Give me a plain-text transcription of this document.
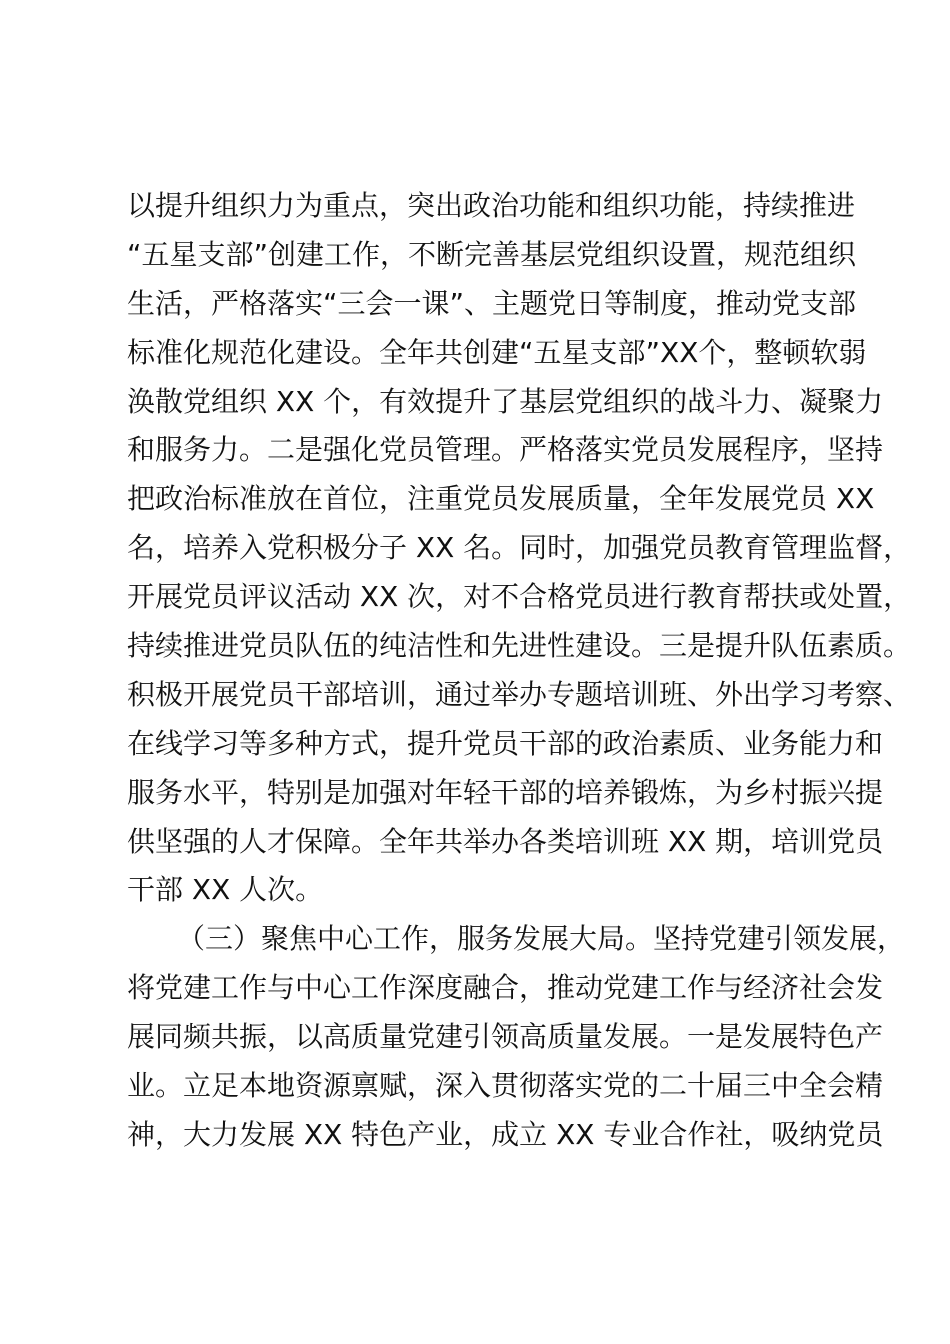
以提升组织力为重点，突出政治功能和组织功能，持续推进
“五星支部”创建工作，不断完善基层党组织设置，规范组织
生活，严格落实“三会一课”、主题党日等制度，推动党支部
标准化规范化建设。全年共创建“五星支部”XX个，整顿软弱
涣散党组织 XX 个，有效提升了基层党组织的战斗力、凝聚力
和服务力。二是强化党员管理。严格落实党员发展程序，坚持
把政治标准放在首位，注重党员发展质量，全年发展党员 XX
名，培养入党积极分子 XX 名。同时，加强党员教育管理监督，
开展党员评议活动 XX 次，对不合格党员进行教育帮扶或处置，
持续推进党员队伍的纯洁性和先进性建设。三是提升队伍素质。
积极开展党员干部培训，通过举办专题培训班、外出学习考察、
在线学习等多种方式，提升党员干部的政治素质、业务能力和
服务水平，特别是加强对年轻干部的培养锻炼，为乡村振兴提
供坚强的人才保障。全年共举办各类培训班 XX 期，培训党员
干部 XX 人次。
（三）聚焦中心工作，服务发展大局。坚持党建引领发展，
将党建工作与中心工作深度融合，推动党建工作与经济社会发
展同频共振，以高质量党建引领高质量发展。一是发展特色产
业。立足本地资源禀赋，深入贯彻落实党的二十届三中全会精
神，大力发展 XX 特色产业，成立 XX 专业合作社，吸纳党员
